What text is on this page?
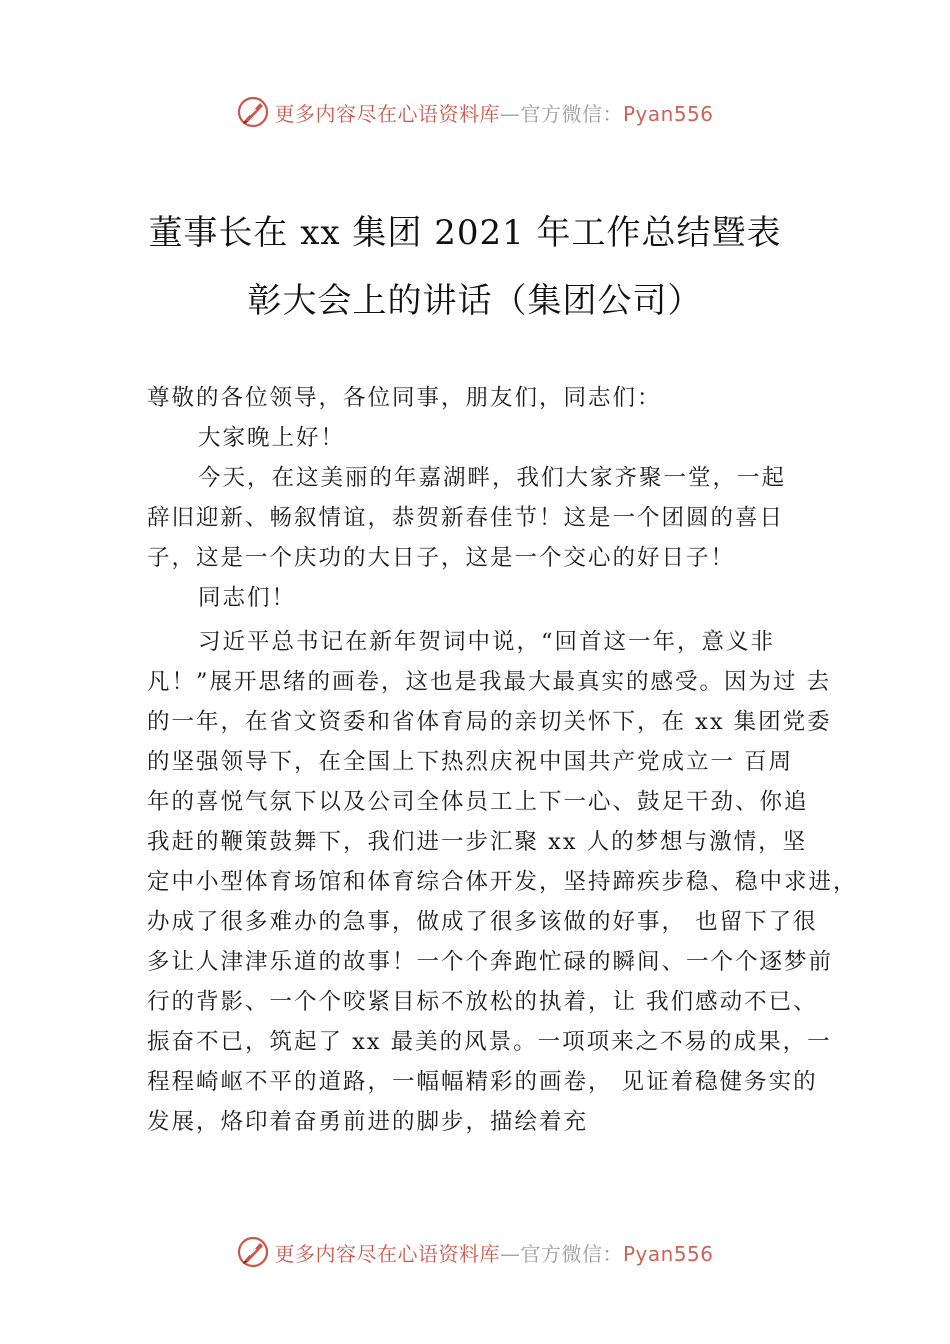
更多内容尽在心语资料库—官方微信：Pyan556
董事长在 xx 集团 2021 年工作总结暨表
彰大会上的讲话（集团公司）
尊敬的各位领导，各位同事，朋友们，同志们：
大家晚上好！
今天，在这美丽的年嘉湖畔，我们大家齐聚一堂，一起
辞旧迎新、畅叙情谊，恭贺新春佳节！这是一个团圆的喜日
子，这是一个庆功的大日子，这是一个交心的好日子！
同志们！
习近平总书记在新年贺词中说，“回首这一年，意义非
凡！”展开思绪的画卷，这也是我最大最真实的感受。因为过 去
的一年，在省文资委和省体育局的亲切关怀下，在 xx 集团党委
的坚强领导下，在全国上下热烈庆祝中国共产党成立一 百周
年的喜悦气氛下以及公司全体员工上下一心、鼓足干劲、你追
我赶的鞭策鼓舞下，我们进一步汇聚 xx 人的梦想与激情，坚
定中小型体育场馆和体育综合体开发，坚持蹄疾步稳、稳中求进，
办成了很多难办的急事，做成了很多该做的好事， 也留下了很
多让人津津乐道的故事！一个个奔跑忙碌的瞬间、一个个逐梦前
行的背影、一个个咬紧目标不放松的执着，让 我们感动不已、
振奋不已，筑起了 xx 最美的风景。一项项来之不易的成果，一
程程崎岖不平的道路，一幅幅精彩的画卷， 见证着稳健务实的
发展，烙印着奋勇前进的脚步，描绘着充
更多内容尽在心语资料库—官方微信：Pyan556
